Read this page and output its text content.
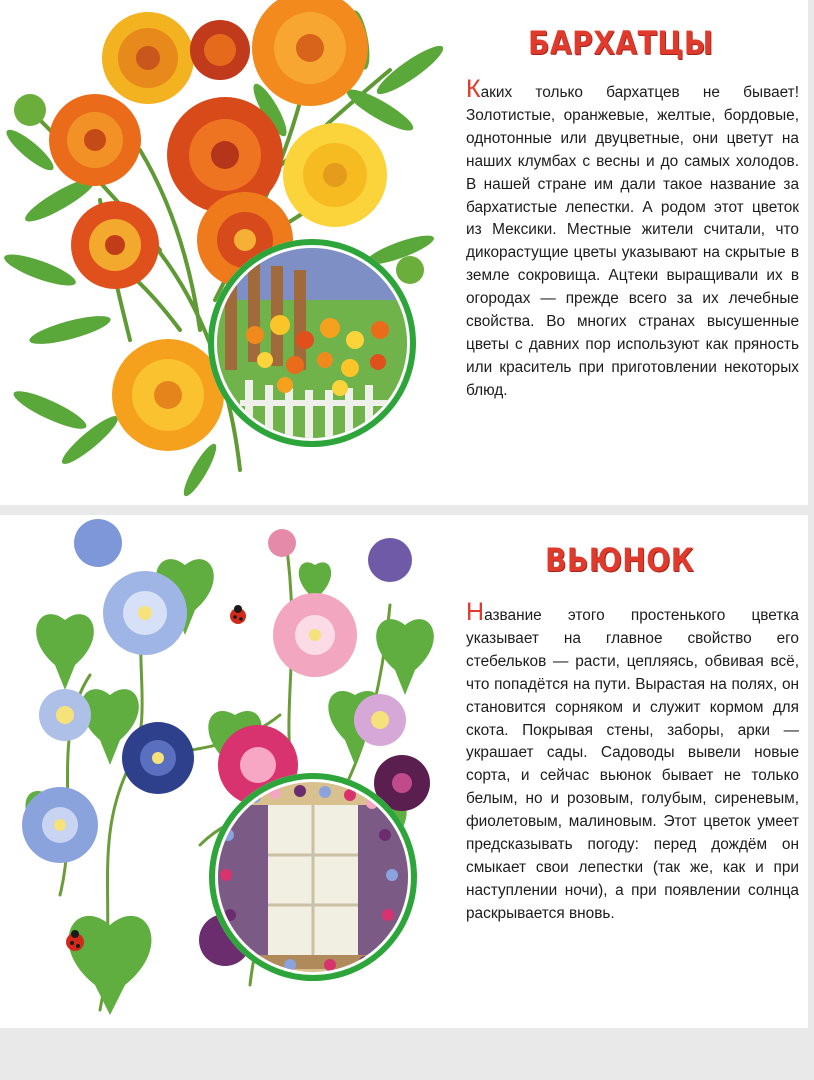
БАРХАТЦЫ

Каких только бархатцев не бывает! Золотистые, оранжевые, желтые, бордовые, однотонные или двуцветные, они цветут на наших клумбах с весны и до самых холодов. В нашей стране им дали такое название за бархатистые лепестки. А родом этот цветок из Мексики. Местные жители считали, что дикорастущие цветы указывают на скрытые в земле сокровища. Ацтеки выращивали их в огородах — прежде всего за их лечебные свойства. Во многих странах высушенные цветы с давних пор используют как пряность или краситель при приготовлении некоторых блюд.

ВЬЮНОК

Название этого простенького цветка указывает на главное свойство его стебельков — расти, цепляясь, обвивая всё, что попадётся на пути. Вырастая на полях, он становится сорняком и служит кормом для скота. Покрывая стены, заборы, арки — украшает сады. Садоводы вывели новые сорта, и сейчас вьюнок бывает не только белым, но и розовым, голубым, сиреневым, фиолетовым, малиновым. Этот цветок умеет предсказывать погоду: перед дождём он смыкает свои лепестки (так же, как и при наступлении ночи), а при появлении солнца раскрывается вновь.
